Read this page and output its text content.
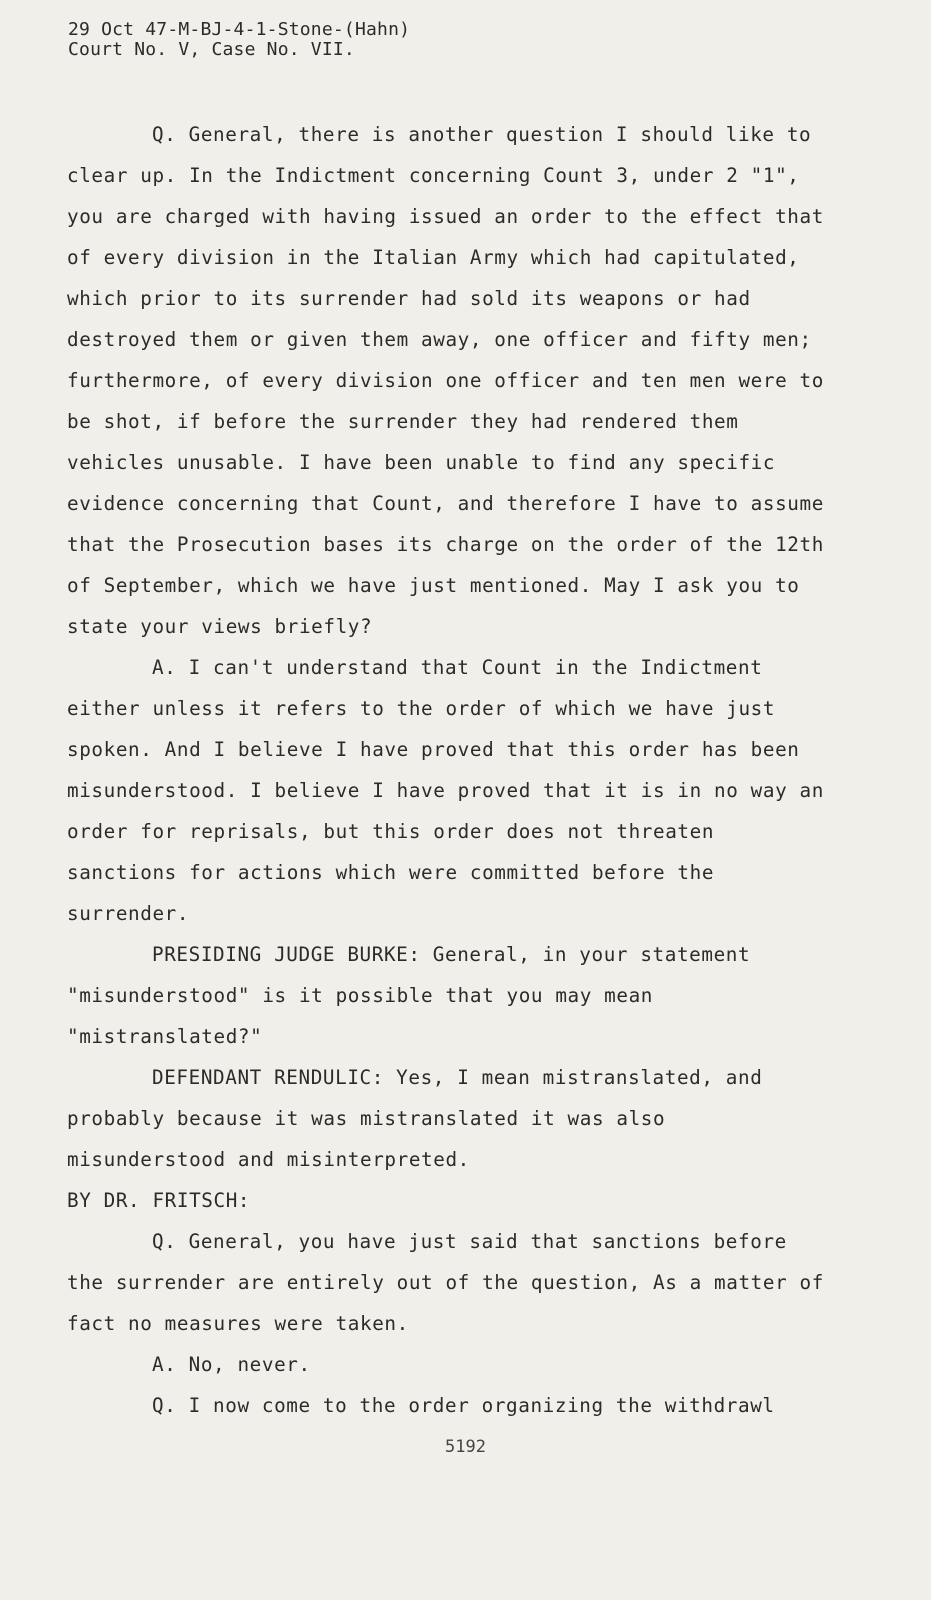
29 Oct 47-M-BJ-4-1-Stone-(Hahn)
Court No. V, Case No. VII.

Q. General, there is another question I should like to clear up. In the Indictment concerning Count 3, under 2 "1", you are charged with having issued an order to the effect that of every division in the Italian Army which had capitulated, which prior to its surrender had sold its weapons or had destroyed them or given them away, one officer and fifty men; furthermore, of every division one officer and ten men were to be shot, if before the surrender they had rendered them vehicles unusable. I have been unable to find any specific evidence concerning that Count, and therefore I have to assume that the Prosecution bases its charge on the order of the 12th of September, which we have just mentioned. May I ask you to state your views briefly?

A. I can't understand that Count in the Indictment either unless it refers to the order of which we have just spoken. And I believe I have proved that this order has been misunderstood. I believe I have proved that it is in no way an order for reprisals, but this order does not threaten sanctions for actions which were committed before the surrender.

PRESIDING JUDGE BURKE: General, in your statement "misunderstood" is it possible that you may mean "mistranslated?"

DEFENDANT RENDULIC: Yes, I mean mistranslated, and probably because it was mistranslated it was also misunderstood and misinterpreted.

BY DR. FRITSCH:

Q. General, you have just said that sanctions before the surrender are entirely out of the question, As a matter of fact no measures were taken.

A. No, never.

Q. I now come to the order organizing the withdrawl

5192
